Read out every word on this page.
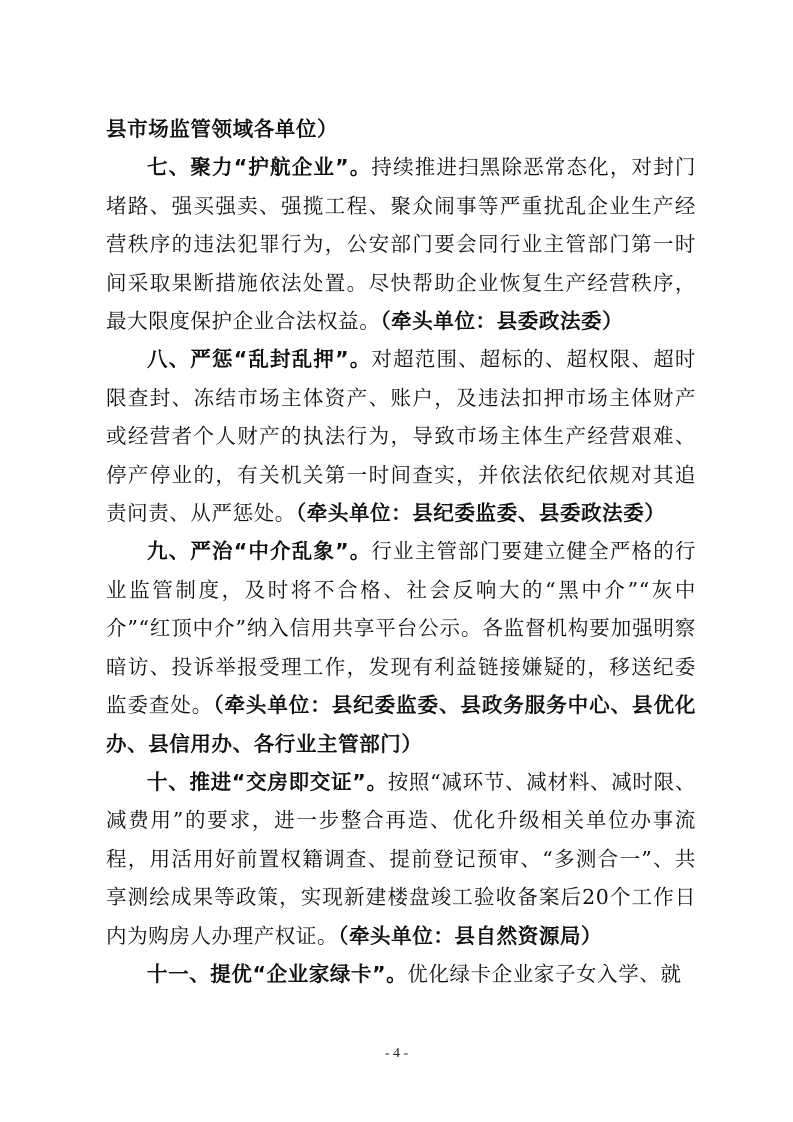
县市场监管领域各单位）

七、聚力“护航企业”。持续推进扫黑除恶常态化，对封门堵路、强买强卖、强揽工程、聚众闹事等严重扰乱企业生产经营秩序的违法犯罪行为，公安部门要会同行业主管部门第一时间采取果断措施依法处置。尽快帮助企业恢复生产经营秩序，最大限度保护企业合法权益。（牵头单位：县委政法委）

八、严惩“乱封乱押”。对超范围、超标的、超权限、超时限查封、冻结市场主体资产、账户，及违法扣押市场主体财产或经营者个人财产的执法行为，导致市场主体生产经营艰难、停产停业的，有关机关第一时间查实，并依法依纪依规对其追责问责、从严惩处。（牵头单位：县纪委监委、县委政法委）

九、严治“中介乱象”。行业主管部门要建立健全严格的行业监管制度，及时将不合格、社会反响大的“黑中介”“灰中介”“红顶中介”纳入信用共享平台公示。各监督机构要加强明察暗访、投诉举报受理工作，发现有利益链接嫌疑的，移送纪委监委查处。（牵头单位：县纪委监委、县政务服务中心、县优化办、县信用办、各行业主管部门）

十、推进“交房即交证”。按照“减环节、减材料、减时限、减费用”的要求，进一步整合再造、优化升级相关单位办事流程，用活用好前置权籍调查、提前登记预审、“多测合一”、共享测绘成果等政策，实现新建楼盘竣工验收备案后20个工作日内为购房人办理产权证。（牵头单位：县自然资源局）

十一、提优“企业家绿卡”。优化绿卡企业家子女入学、就

- 4 -
